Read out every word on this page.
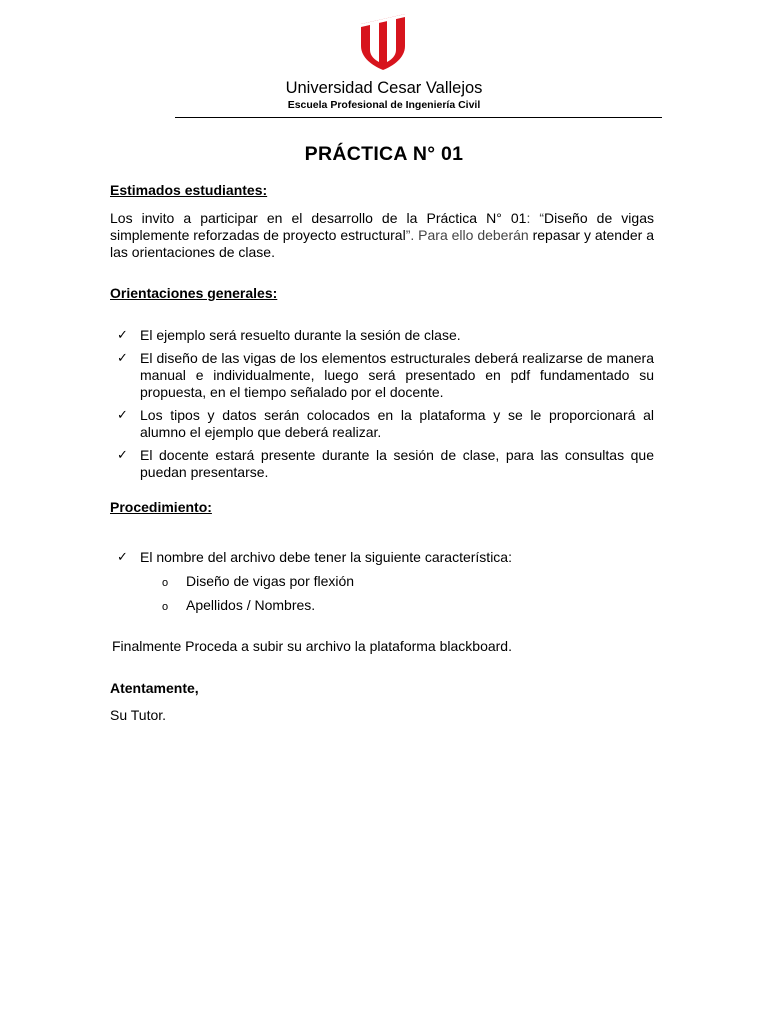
Universidad Cesar Vallejos
Escuela Profesional de Ingeniería Civil
PRÁCTICA N° 01
Estimados estudiantes:
Los invito a participar en el desarrollo de la Práctica N° 01: “Diseño de vigas simplemente reforzadas de proyecto estructural”. Para ello deberán repasar y atender a las orientaciones de clase.
Orientaciones generales:
✓ El ejemplo será resuelto durante la sesión de clase.
✓ El diseño de las vigas de los elementos estructurales deberá realizarse de manera manual e individualmente, luego será presentado en pdf fundamentado su propuesta, en el tiempo señalado por el docente.
✓ Los tipos y datos serán colocados en la plataforma y se le proporcionará al alumno el ejemplo que deberá realizar.
✓ El docente estará presente durante la sesión de clase, para las consultas que puedan presentarse.
Procedimiento:
✓ El nombre del archivo debe tener la siguiente característica:
o	Diseño de vigas por flexión
o	Apellidos / Nombres.
Finalmente Proceda a subir su archivo la plataforma blackboard.
Atentamente,
Su Tutor.
